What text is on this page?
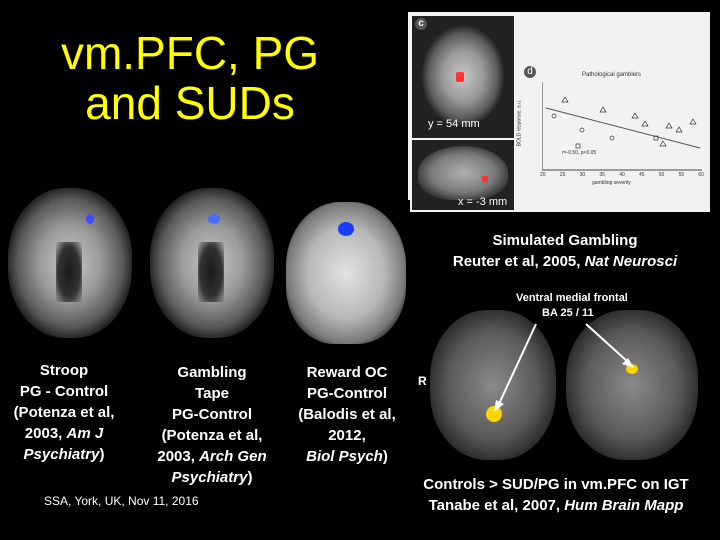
vm.PFC, PG
and SUDs
c
y = 54 mm
x = -3 mm
d	Pathological gamblers
BOLD response, a.u.
r=-0.50, p<0.05
20	25	30	35	40	45	50	55	60
gambling severity
Ventral medial frontal
BA 25 / 11
R
Simulated Gambling
Reuter et al, 2005, Nat Neurosci
Stroop
PG - Control
(Potenza et al,
2003, Am J
Psychiatry)
Gambling
Tape
PG-Control
(Potenza et al,
2003, Arch Gen
Psychiatry)
Reward OC
PG-Control
(Balodis et al,
2012,
Biol Psych)
Controls > SUD/PG in vm.PFC on IGT
Tanabe et al, 2007, Hum Brain Mapp
SSA, York, UK, Nov 11, 2016
